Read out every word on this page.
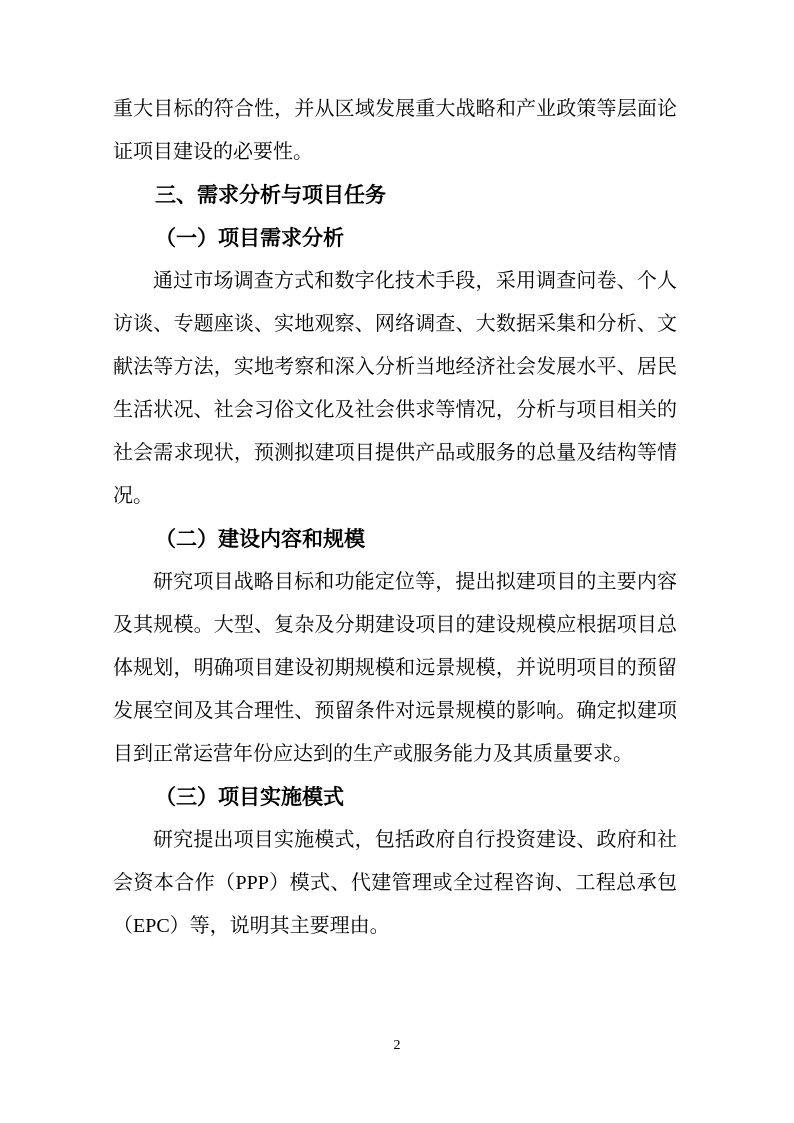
重大目标的符合性，并从区域发展重大战略和产业政策等层面论
证项目建设的必要性。
三、需求分析与项目任务
（一）项目需求分析
通过市场调查方式和数字化技术手段，采用调查问卷、个人
访谈、专题座谈、实地观察、网络调查、大数据采集和分析、文
献法等方法，实地考察和深入分析当地经济社会发展水平、居民
生活状况、社会习俗文化及社会供求等情况，分析与项目相关的
社会需求现状，预测拟建项目提供产品或服务的总量及结构等情
况。
（二）建设内容和规模
研究项目战略目标和功能定位等，提出拟建项目的主要内容
及其规模。大型、复杂及分期建设项目的建设规模应根据项目总
体规划，明确项目建设初期规模和远景规模，并说明项目的预留
发展空间及其合理性、预留条件对远景规模的影响。确定拟建项
目到正常运营年份应达到的生产或服务能力及其质量要求。
（三）项目实施模式
研究提出项目实施模式，包括政府自行投资建设、政府和社
会资本合作（PPP）模式、代建管理或全过程咨询、工程总承包
（EPC）等，说明其主要理由。
2
